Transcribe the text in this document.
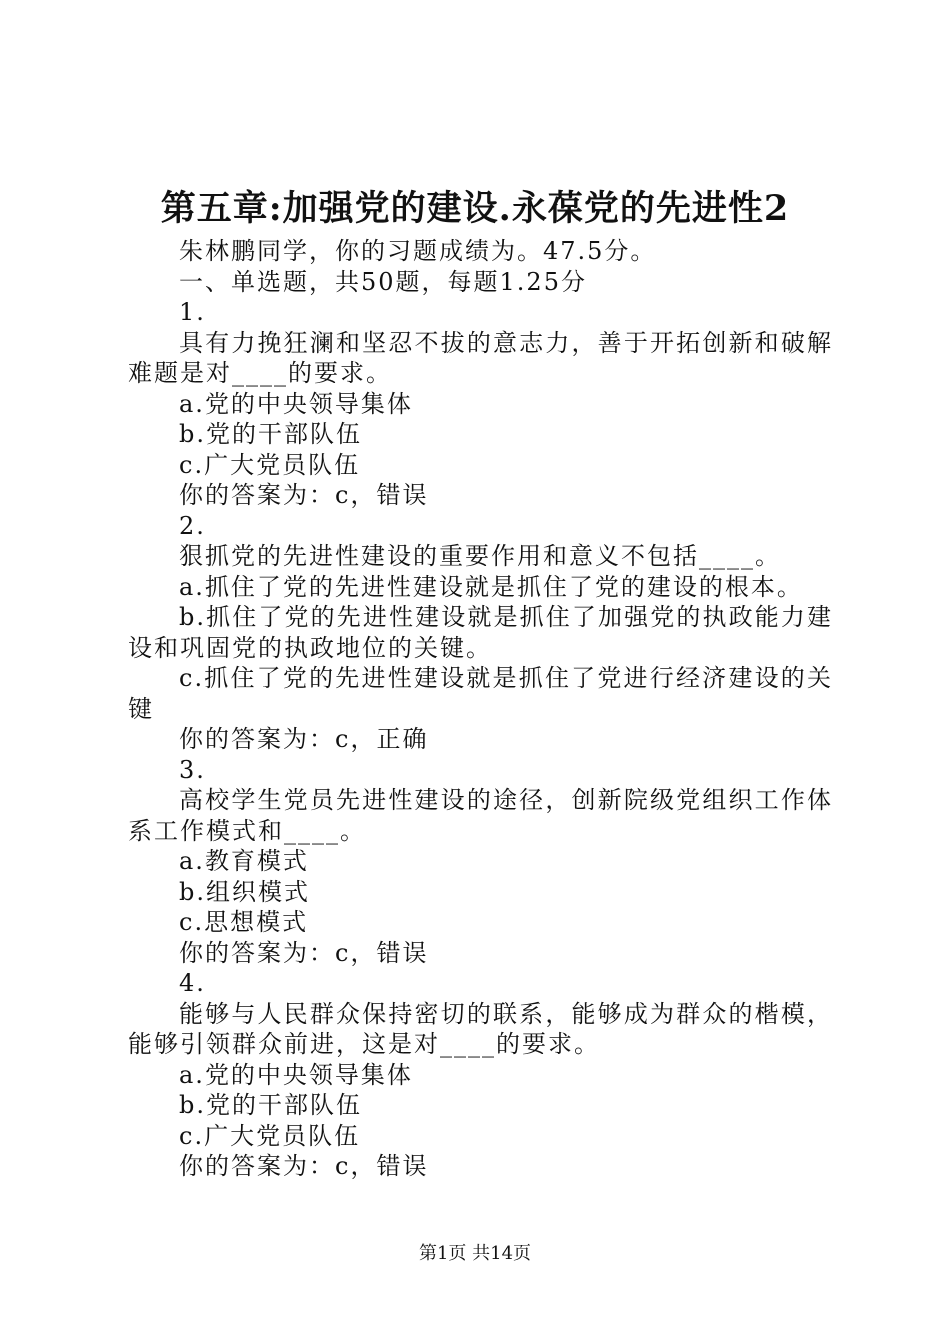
第五章:加强党的建设.永葆党的先进性2

朱林鹏同学，你的习题成绩为。47.5分。

一、单选题，共50题，每题1.25分

1.

具有力挽狂澜和坚忍不拔的意志力，善于开拓创新和破解难题是对____的要求。

a.党的中央领导集体

b.党的干部队伍

c.广大党员队伍

你的答案为：c，错误

2.

狠抓党的先进性建设的重要作用和意义不包括____。

a.抓住了党的先进性建设就是抓住了党的建设的根本。

b.抓住了党的先进性建设就是抓住了加强党的执政能力建设和巩固党的执政地位的关键。

c.抓住了党的先进性建设就是抓住了党进行经济建设的关键

你的答案为：c，正确

3.

高校学生党员先进性建设的途径，创新院级党组织工作体系工作模式和____。

a.教育模式

b.组织模式

c.思想模式

你的答案为：c，错误

4.

能够与人民群众保持密切的联系，能够成为群众的楷模，能够引领群众前进，这是对____的要求。

a.党的中央领导集体

b.党的干部队伍

c.广大党员队伍

你的答案为：c，错误

第1页 共14页
